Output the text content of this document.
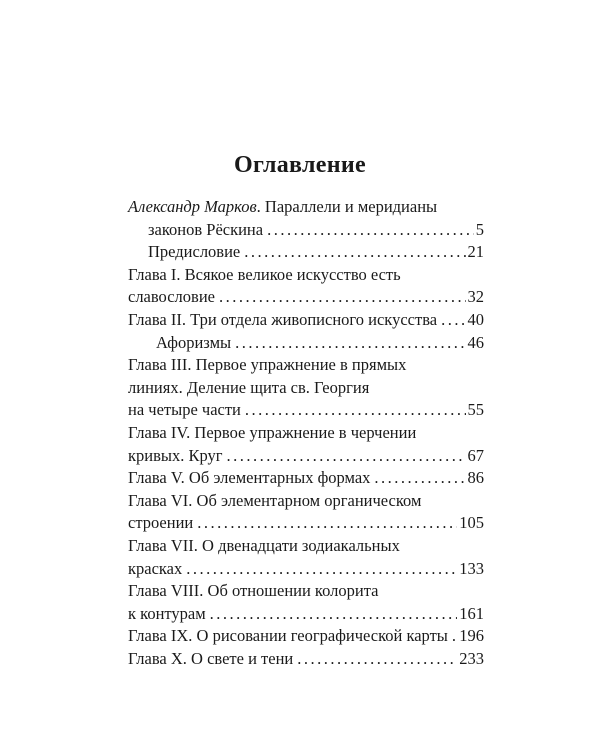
Оглавление
Александр Марков. Параллели и меридианы
законов Рёскина .....	5
Предисловие .....	21
Глава I. Всякое великое искусство есть
славословие .....	32
Глава II. Три отдела живописного искусства ..... 40
Афоризмы .....	46
Глава III. Первое упражнение в прямых
линиях. Деление щита св. Георгия
на четыре части .....	55
Глава IV. Первое упражнение в черчении
кривых. Круг .....	67
Глава V. Об элементарных формах .....	86
Глава VI. Об элементарном органическом
строении .....	105
Глава VII. О двенадцати зодиакальных
красках .....	133
Глава VIII. Об отношении колорита
к контурам .....	161
Глава IX. О рисовании географической карты ..... 196
Глава X. О свете и тени .....	233
